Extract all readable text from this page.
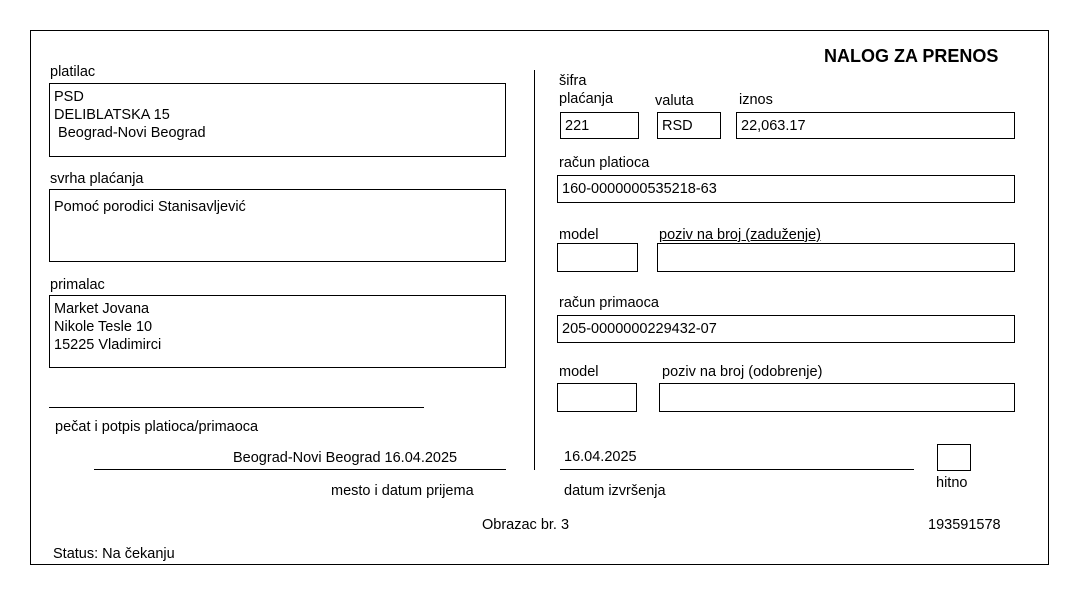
NALOG ZA PRENOS
platilac
PSD
DELIBLATSKA 15
Beograd-Novi Beograd
svrha plaćanja
Pomoć porodici Stanisavljević
primalac
Market Jovana
Nikole Tesle 10
15225 Vladimirci
pečat i potpis platioca/primaoca
Beograd-Novi Beograd 16.04.2025
mesto i datum prijema
šifra
plaćanja	valuta	iznos
221	RSD	22,063.17
račun platioca
160-0000000535218-63
model	poziv na broj (zaduženje)
račun primaoca
205-0000000229432-07
model	poziv na broj (odobrenje)
16.04.2025
datum izvršenja	hitno
Obrazac br. 3	193591578
Status: Na čekanju
